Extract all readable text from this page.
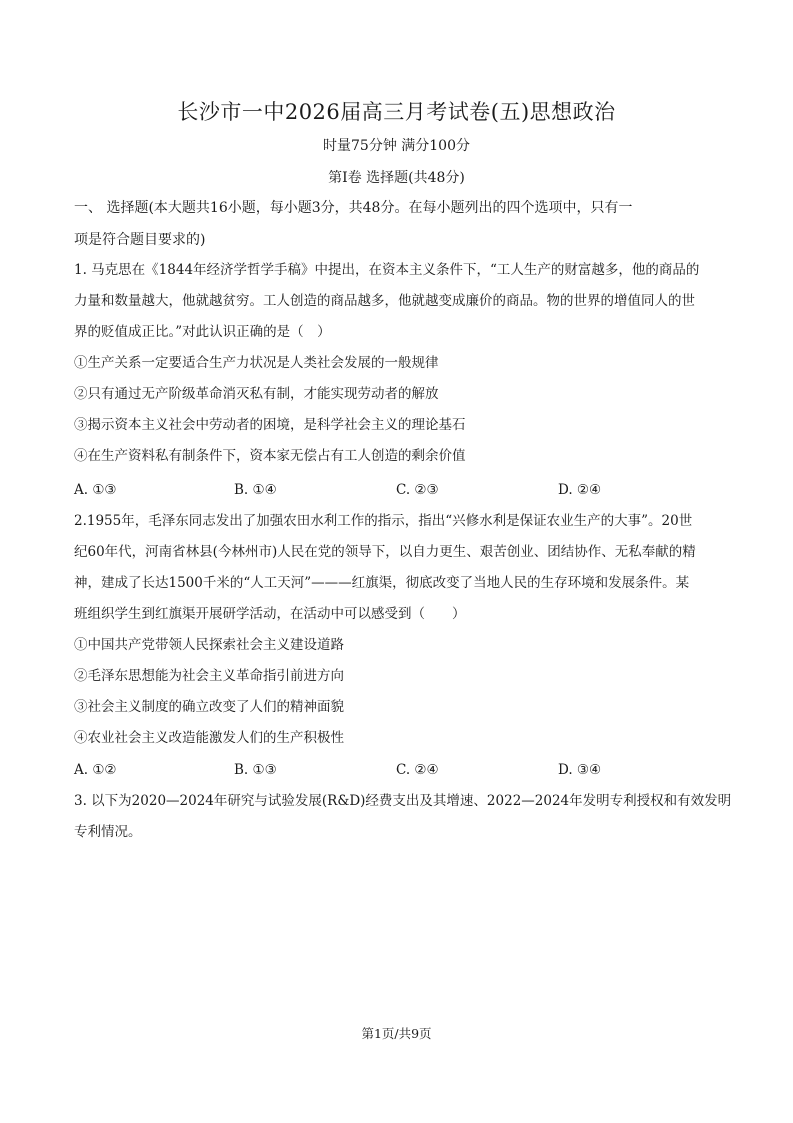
长沙市一中2026届高三月考试卷(五)思想政治
时量75分钟 满分100分
第Ⅰ卷 选择题(共48分)
一、 选择题(本大题共16小题，每小题3分，共48分。在每小题列出的四个选项中，只有一
项是符合题目要求的)
1. 马克思在《1844年经济学哲学手稿》中提出，在资本主义条件下，“工人生产的财富越多，他的商品的
力量和数量越大，他就越贫穷。工人创造的商品越多，他就越变成廉价的商品。物的世界的增值同人的世
界的贬值成正比。”对此认识正确的是（　）
①生产关系一定要适合生产力状况是人类社会发展的一般规律
②只有通过无产阶级革命消灭私有制，才能实现劳动者的解放
③揭示资本主义社会中劳动者的困境，是科学社会主义的理论基石
④在生产资料私有制条件下，资本家无偿占有工人创造的剩余价值
A. ①③	B. ①④	C. ②③	D. ②④
2.1955年，毛泽东同志发出了加强农田水利工作的指示，指出“兴修水利是保证农业生产的大事”。20世
纪60年代，河南省林县(今林州市)人民在党的领导下，以自力更生、艰苦创业、团结协作、无私奉献的精
神，建成了长达1500千米的“人工天河”———红旗渠，彻底改变了当地人民的生存环境和发展条件。某
班组织学生到红旗渠开展研学活动，在活动中可以感受到（　　）
①中国共产党带领人民探索社会主义建设道路
②毛泽东思想能为社会主义革命指引前进方向
③社会主义制度的确立改变了人们的精神面貌
④农业社会主义改造能激发人们的生产积极性
A. ①②	B. ①③	C. ②④	D. ③④
3. 以下为2020—2024年研究与试验发展(R&D)经费支出及其增速、2022—2024年发明专利授权和有效发明
专利情况。
第1页/共9页
